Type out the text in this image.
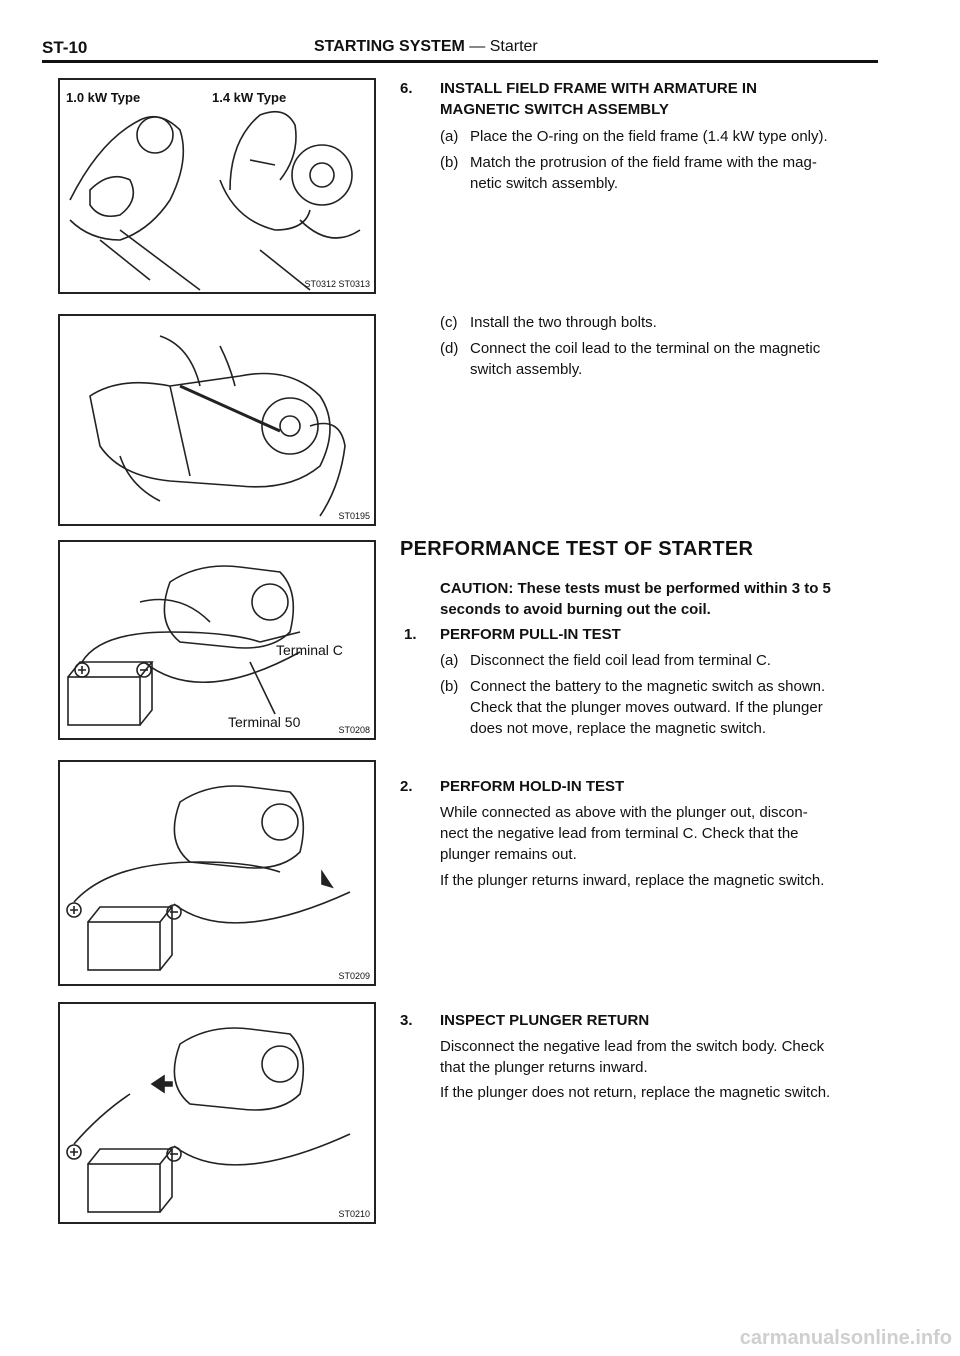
ST-10	STARTING SYSTEM — Starter
1.0 kW Type	1.4 kW Type
ST0312 ST0313
ST0195
Terminal C
Terminal 50	ST0208
ST0209
ST0210
6. INSTALL FIELD FRAME WITH ARMATURE IN
MAGNETIC SWITCH ASSEMBLY
(a) Place the O-ring on the field frame (1.4 kW type only).
(b) Match the protrusion of the field frame with the mag-
netic switch assembly.
(c) Install the two through bolts.
(d) Connect the coil lead to the terminal on the magnetic
switch assembly.
PERFORMANCE TEST OF STARTER
CAUTION: These tests must be performed within 3 to 5
seconds to avoid burning out the coil.
1. PERFORM PULL-IN TEST
(a) Disconnect the field coil lead from terminal C.
(b) Connect the battery to the magnetic switch as shown.
Check that the plunger moves outward. If the plunger
does not move, replace the magnetic switch.
2. PERFORM HOLD-IN TEST
While connected as above with the plunger out, discon-
nect the negative lead from terminal C. Check that the
plunger remains out.
If the plunger returns inward, replace the magnetic switch.
3. INSPECT PLUNGER RETURN
Disconnect the negative lead from the switch body. Check
that the plunger returns inward.
If the plunger does not return, replace the magnetic switch.
carmanualsonline.info
